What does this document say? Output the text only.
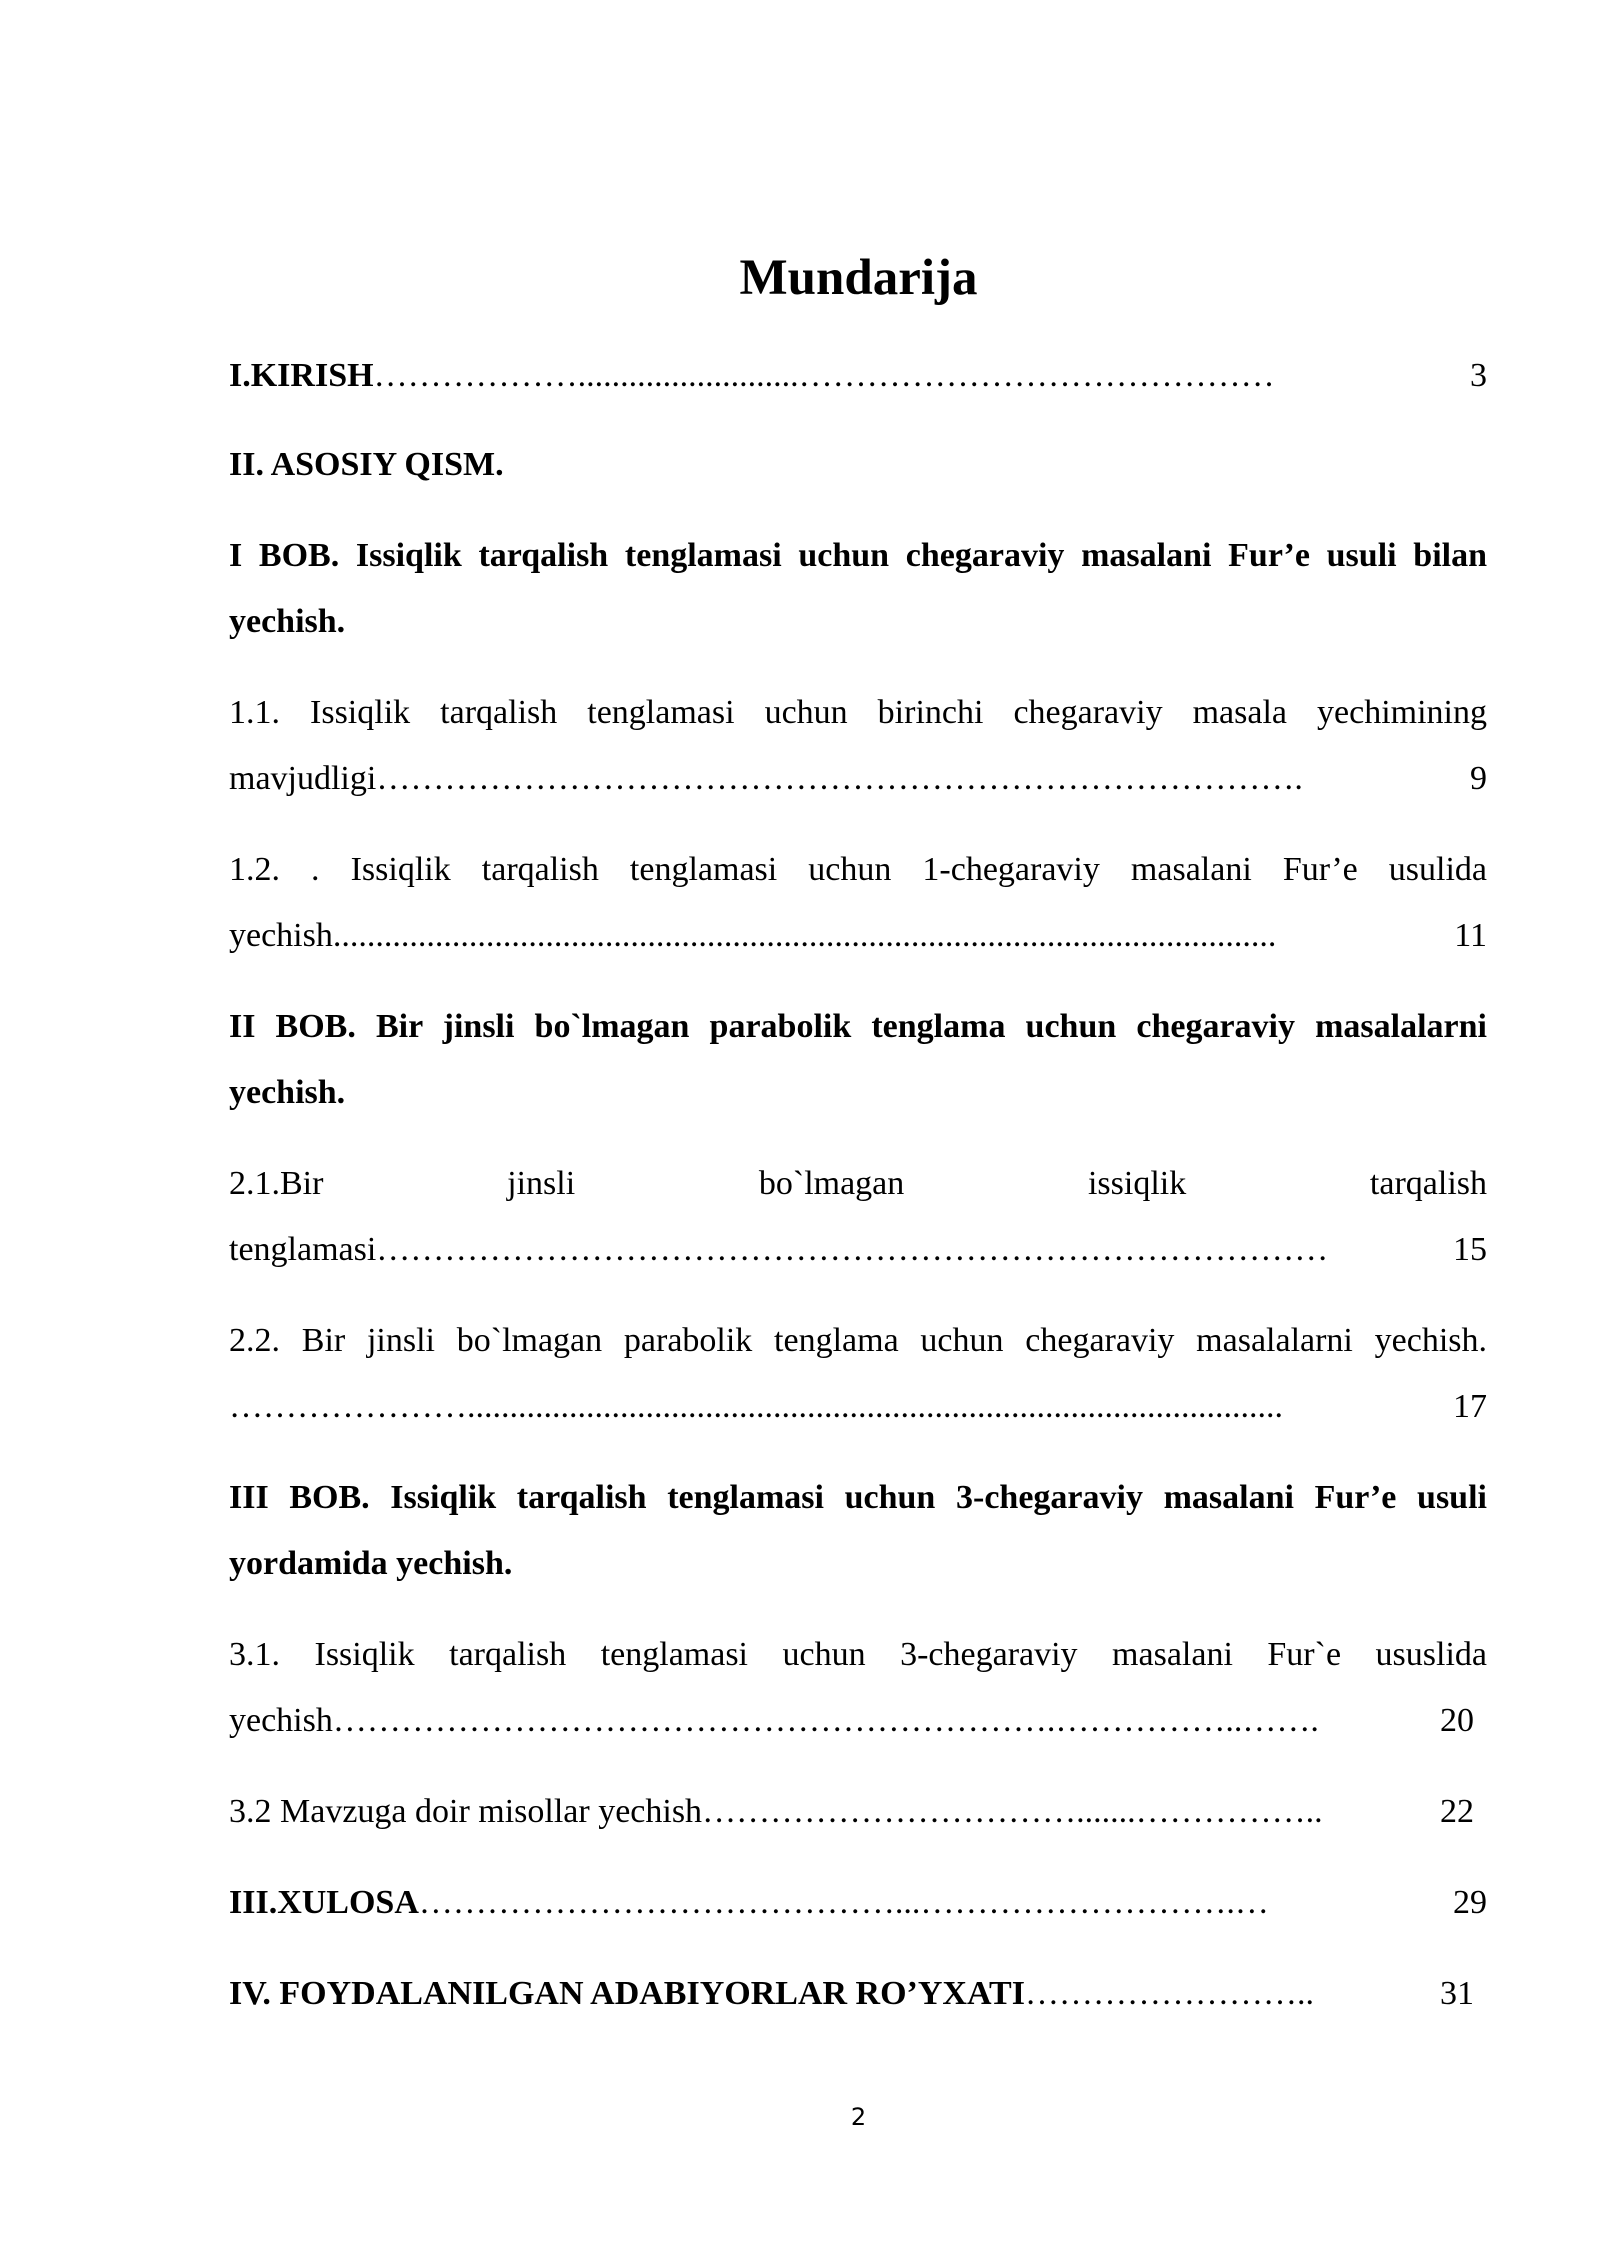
Mundarija
I.KIRISH ………………..........................……………………………………	3
II. ASOSIY QISM.
I BOB. Issiqlik tarqalish tenglamasi uchun chegaraviy masalani Fur’e usuli bilan yechish.
1.1. Issiqlik tarqalish tenglamasi uchun birinchi chegaraviy masala yechimining
mavjudligi ……………………………………………………………………….	9
1.2. . Issiqlik tarqalish tenglamasi uchun 1-chegaraviy masalani Fur’e usulida
yechish ...............................................................................................................	11
II BOB. Bir jinsli bo`lmagan parabolik tenglama uchun chegaraviy masalalarni yechish.
2.1.Bir jinsli bo`lmagan issiqlik tarqalish
tenglamasi …………………………………………………………………………	15
2.2. Bir jinsli bo`lmagan parabolik tenglama uchun chegaraviy masalalarni yechish.
…………………................................................................................................	17
III BOB. Issiqlik tarqalish tenglamasi uchun 3-chegaraviy masalani Fur’e usuli yordamida yechish.
3.1. Issiqlik tarqalish tenglamasi uchun 3-chegaraviy masalani Fur`e ususlida
yechish ……………………………………………………….……………..…….	20
3.2 Mavzuga doir misollar yechish …………………………….......……………..	22
III.XULOSA ……………………………………...……………………….…	29
IV. FOYDALANILGAN ADABIYORLAR RO’YXATI ……………………..	31
2
